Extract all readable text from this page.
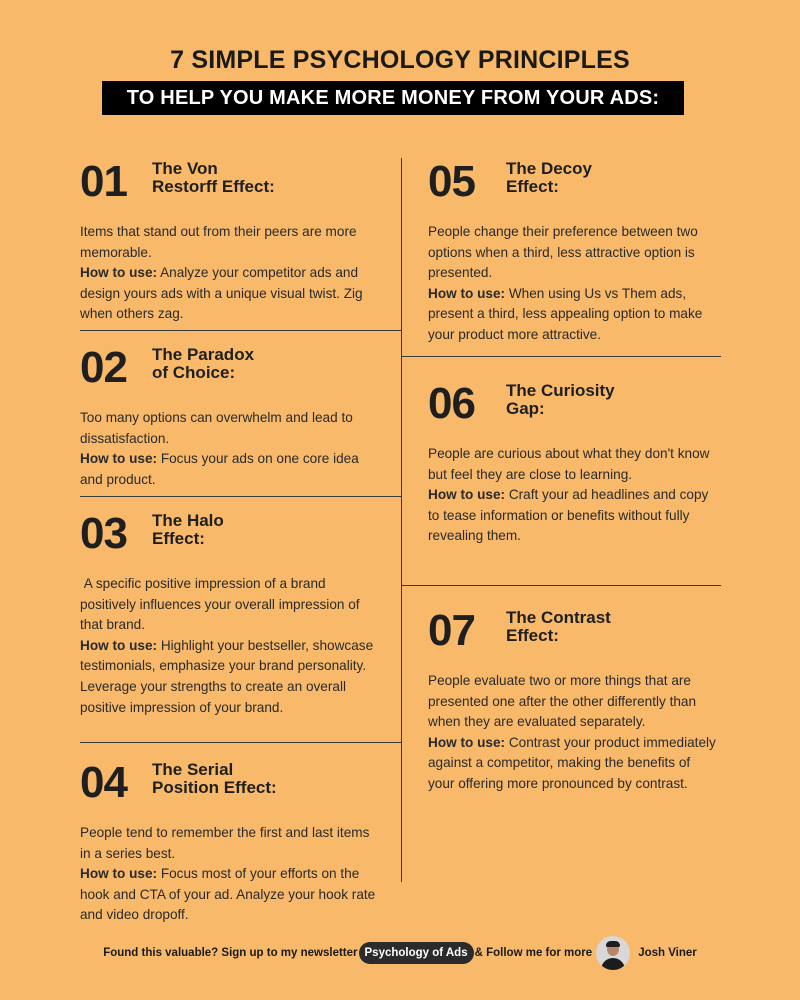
7 SIMPLE PSYCHOLOGY PRINCIPLES
TO HELP YOU MAKE MORE MONEY FROM YOUR ADS:
01	The Von
Restorff Effect:
Items that stand out from their peers are more memorable.
How to use: Analyze your competitor ads and design yours ads with a unique visual twist. Zig when others zag.
02	The Paradox
of Choice:
Too many options can overwhelm and lead to dissatisfaction.
How to use: Focus your ads on one core idea and product.
03	The Halo
Effect:
A specific positive impression of a brand positively influences your overall impression of that brand.
How to use: Highlight your bestseller, showcase testimonials, emphasize your brand personality. Leverage your strengths to create an overall positive impression of your brand.
04	The Serial
Position Effect:
People tend to remember the first and last items in a series best.
How to use: Focus most of your efforts on the hook and CTA of your ad. Analyze your hook rate and video dropoff.
05	The Decoy
Effect:
People change their preference between two options when a third, less attractive option is presented.
How to use: When using Us vs Them ads, present a third, less appealing option to make your product more attractive.
06	The Curiosity
Gap:
People are curious about what they don't know but feel they are close to learning.
How to use: Craft your ad headlines and copy to tease information or benefits without fully revealing them.
07	The Contrast
Effect:
People evaluate two or more things that are presented one after the other differently than when they are evaluated separately.
How to use: Contrast your product immediately against a competitor, making the benefits of your offering more pronounced by contrast.
Found this valuable? Sign up to my newsletter Psychology of Ads & Follow me for more	Josh Viner
